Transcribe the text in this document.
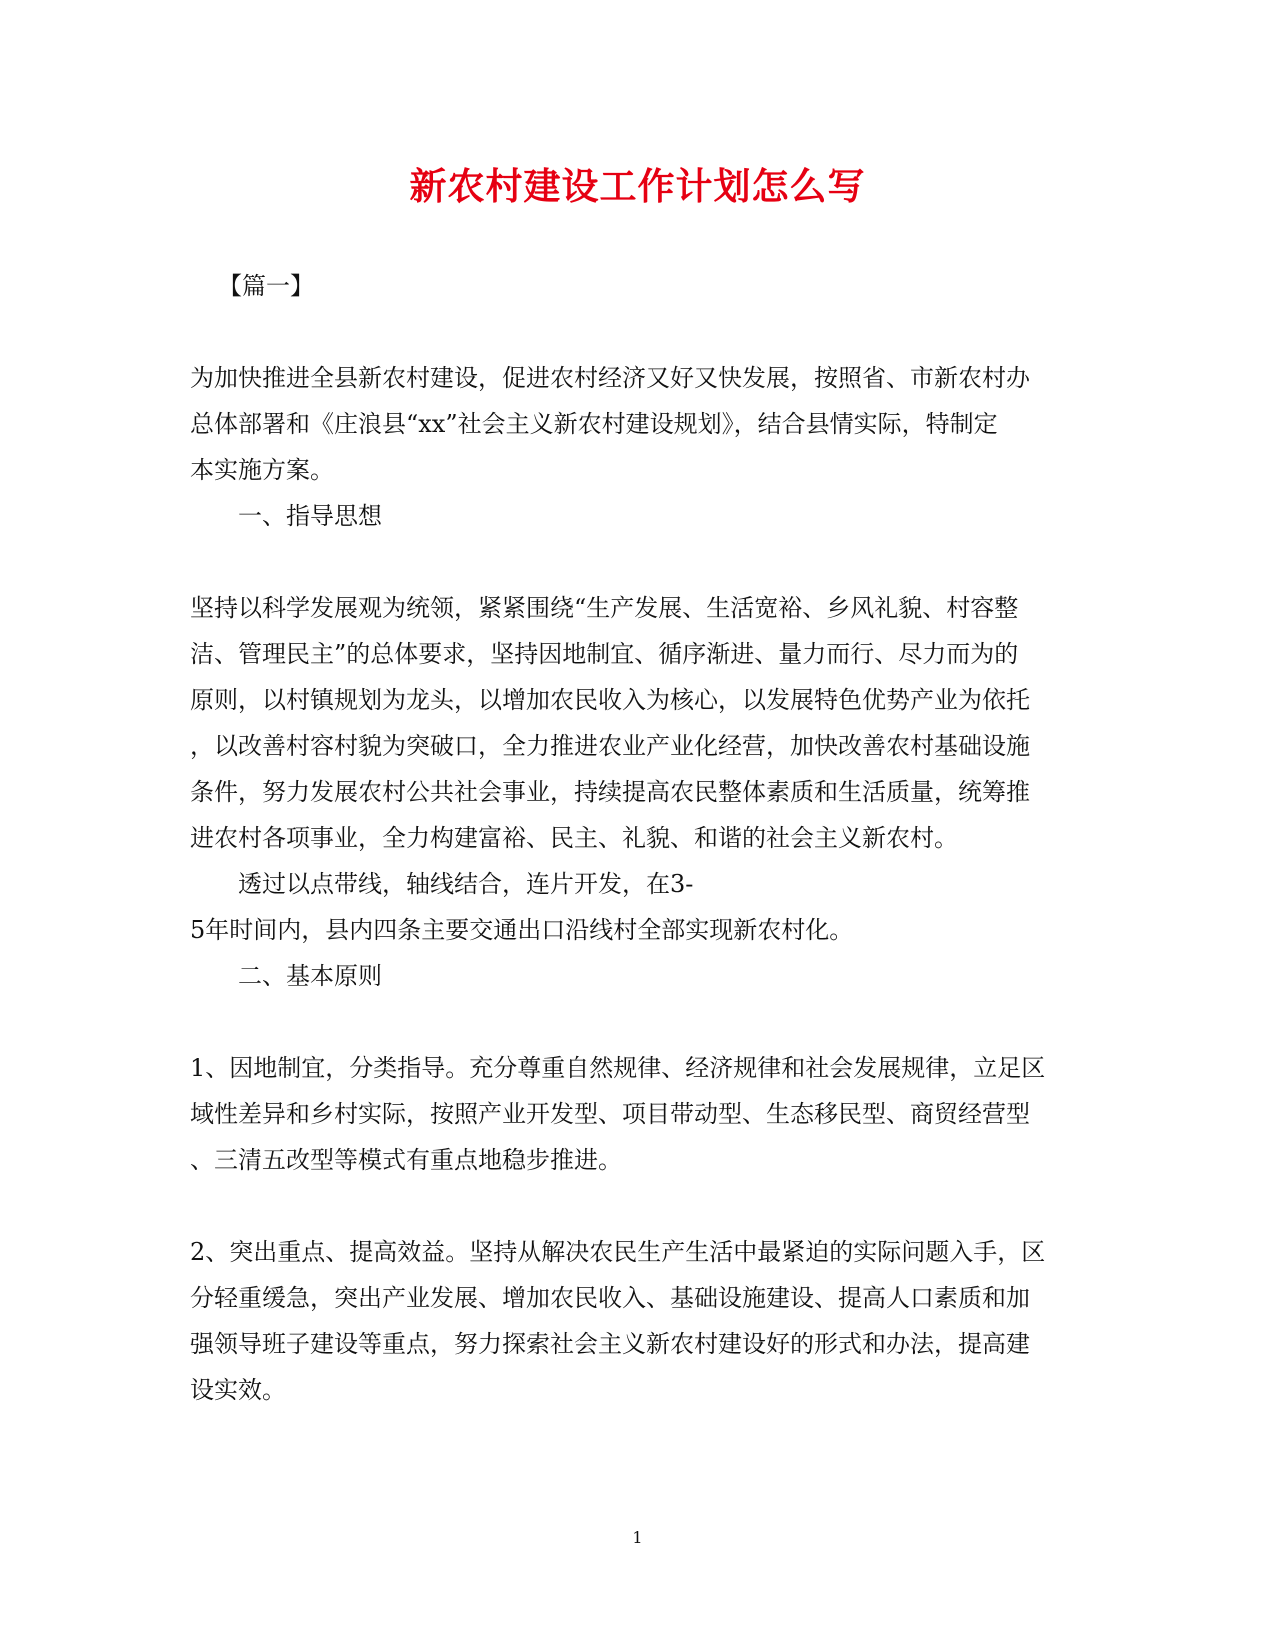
新农村建设工作计划怎么写
【篇一】
为加快推进全县新农村建设，促进农村经济又好又快发展，按照省、市新农村办
总体部署和《庄浪县“xx”社会主义新农村建设规划》，结合县情实际，特制定
本实施方案。
一、指导思想
坚持以科学发展观为统领，紧紧围绕“生产发展、生活宽裕、乡风礼貌、村容整
洁、管理民主”的总体要求，坚持因地制宜、循序渐进、量力而行、尽力而为的
原则，以村镇规划为龙头，以增加农民收入为核心，以发展特色优势产业为依托
，以改善村容村貌为突破口，全力推进农业产业化经营，加快改善农村基础设施
条件，努力发展农村公共社会事业，持续提高农民整体素质和生活质量，统筹推
进农村各项事业，全力构建富裕、民主、礼貌、和谐的社会主义新农村。
透过以点带线，轴线结合，连片开发，在3-
5年时间内，县内四条主要交通出口沿线村全部实现新农村化。
二、基本原则
1、因地制宜，分类指导。充分尊重自然规律、经济规律和社会发展规律，立足区
域性差异和乡村实际，按照产业开发型、项目带动型、生态移民型、商贸经营型
、三清五改型等模式有重点地稳步推进。
2、突出重点、提高效益。坚持从解决农民生产生活中最紧迫的实际问题入手，区
分轻重缓急，突出产业发展、增加农民收入、基础设施建设、提高人口素质和加
强领导班子建设等重点，努力探索社会主义新农村建设好的形式和办法，提高建
设实效。
1
